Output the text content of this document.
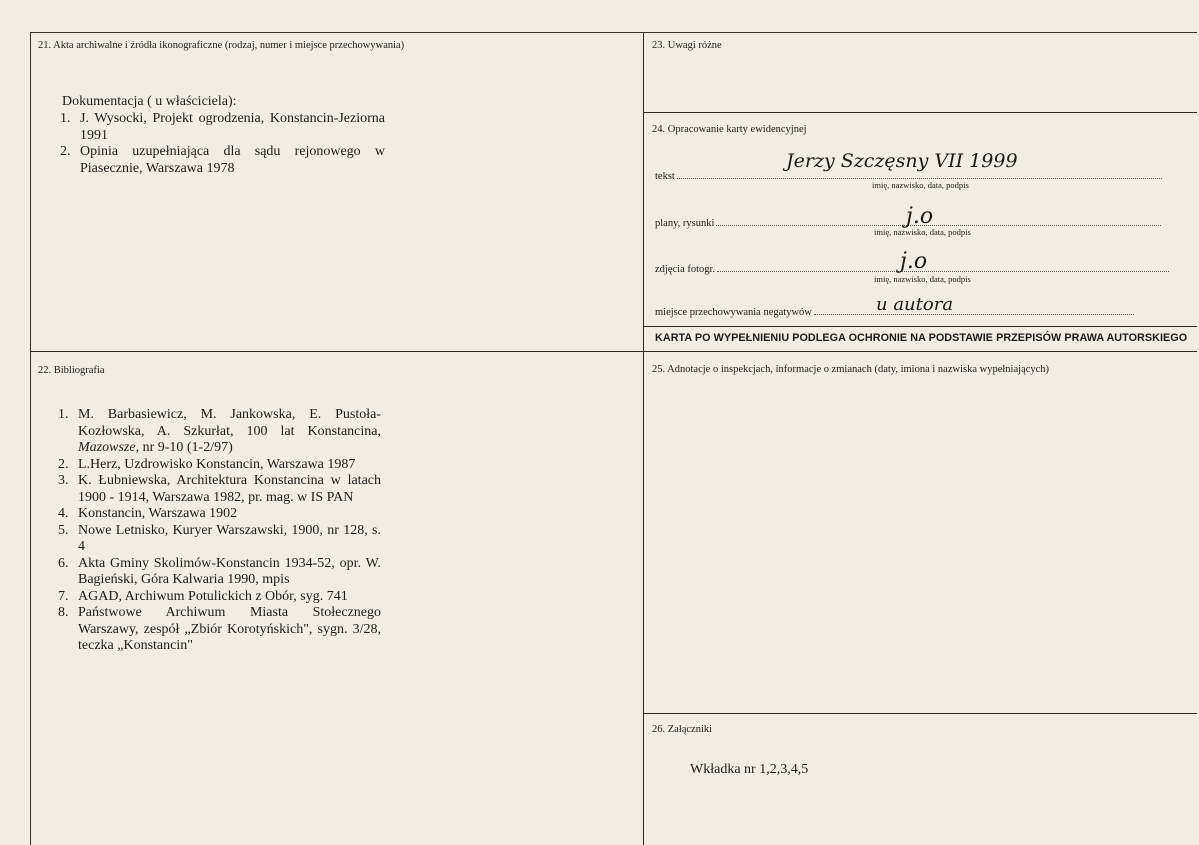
21. Akta archiwalne i źródła ikonograficzne (rodzaj, numer i miejsce przechowywania)
Dokumentacja ( u właściciela):
1. J. Wysocki, Projekt ogrodzenia, Konstancin-Jeziorna 1991
2. Opinia uzupełniająca dla sądu rejonowego w Piasecznie, Warszawa 1978
22. Bibliografia
1. M. Barbasiewicz, M. Jankowska, E. Pustoła-Kozłowska, A. Szkurłat, 100 lat Konstancina, Mazowsze, nr 9-10 (1-2/97)
2. L.Herz, Uzdrowisko Konstancin, Warszawa 1987
3. K. Łubniewska, Architektura Konstancina w latach 1900 - 1914, Warszawa 1982, pr. mag. w IS PAN
4. Konstancin, Warszawa 1902
5. Nowe Letnisko, Kuryer Warszawski, 1900, nr 128, s. 4
6. Akta Gminy Skolimów-Konstancin 1934-52, opr. W. Bagieński, Góra Kalwaria 1990, mpis
7. AGAD, Archiwum Potulickich z Obór, syg. 741
8. Państwowe Archiwum Miasta Stołecznego Warszawy, zespół „Zbiór Korotyńskich", sygn. 3/28, teczka „Konstancin"
23. Uwagi różne
24. Opracowanie karty ewidencyjnej
tekst
Jerzy Szczęsny VII 1999
imię, nazwisko, data, podpis
plany, rysunki	j.o
imię, nazwisko, data, podpis
zdjęcia fotogr.	j.o
imię, nazwisko, data, podpis
miejsce przechowywania negatywów	u autora
KARTA PO WYPEŁNIENIU PODLEGA OCHRONIE NA PODSTAWIE PRZEPISÓW PRAWA AUTORSKIEGO
25. Adnotacje o inspekcjach, informacje o zmianach (daty, imiona i nazwiska wypełniających)
26. Załączniki
Wkładka nr 1,2,3,4,5
